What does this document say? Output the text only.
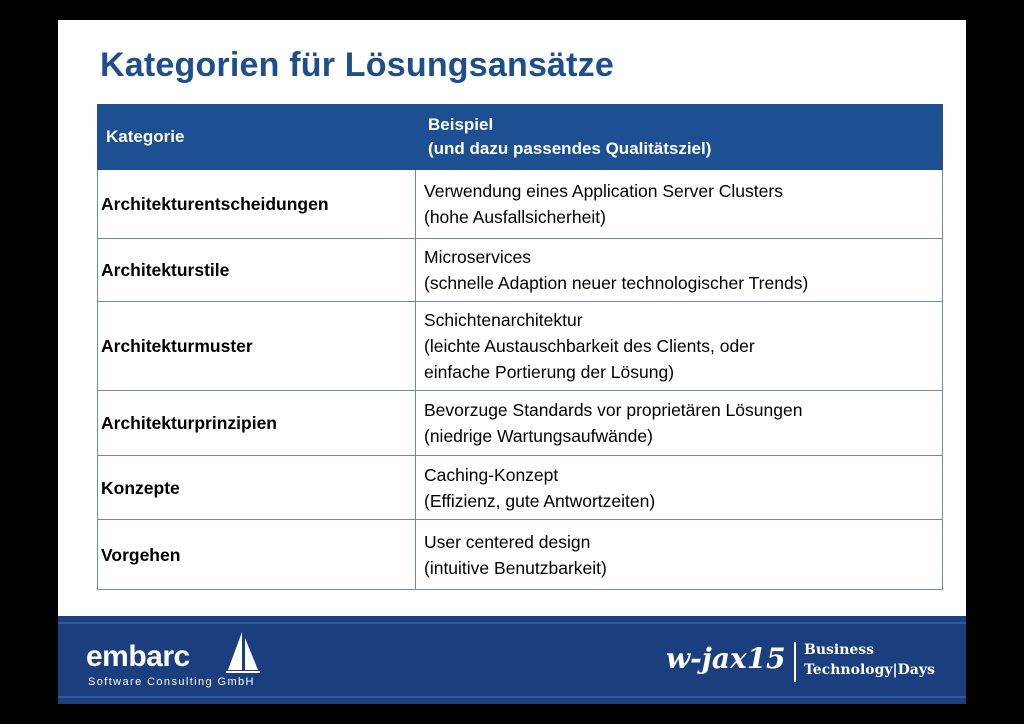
Kategorien für Lösungsansätze
Kategorie	Beispiel
(und dazu passendes Qualitätsziel)

Architekturentscheidungen	Verwendung eines Application Server Clusters
(hohe Ausfallsicherheit)

Architekturstile	Microservices
(schnelle Adaption neuer technologischer Trends)

Architekturmuster	Schichtenarchitektur
(leichte Austauschbarkeit des Clients, oder
einfache Portierung der Lösung)

Architekturprinzipien	Bevorzuge Standards vor proprietären Lösungen
(niedrige Wartungsaufwände)

Konzepte	Caching-Konzept
(Effizienz, gute Antwortzeiten)

Vorgehen	User centered design
(intuitive Benutzbarkeit)
embarc
Software Consulting GmbH
w-jax15 Business
Technology|Days
